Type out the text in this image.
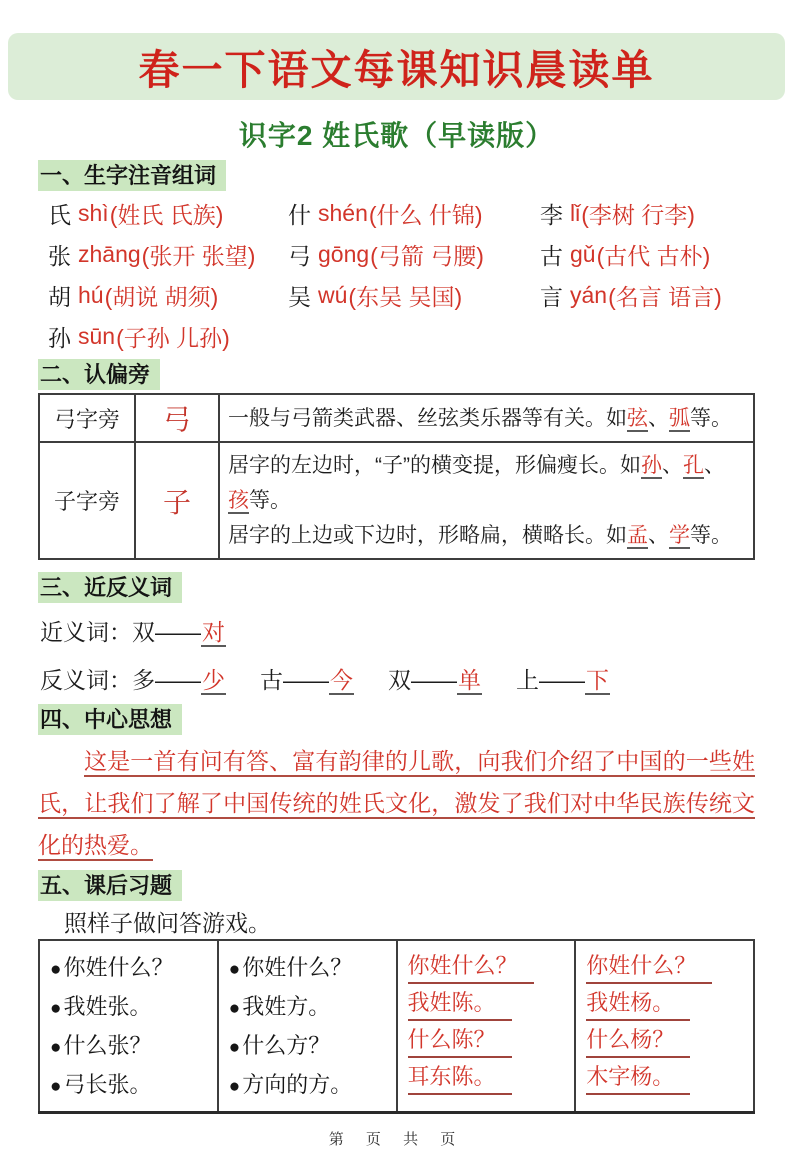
春一下语文每课知识晨读单
识字2 姓氏歌（早读版）
一、生字注音组词
氏 shì (姓氏 氏族)	什 shén (什么 什锦) 李 lǐ (李树 行李)
张 zhāng (张开 张望) 弓 gōng (弓箭 弓腰) 古 gǔ (古代 古朴)
胡 hú (胡说 胡须)	吴 wú (东吴 吴国)	言 yán (名言 语言)
孙 sūn (子孙 儿孙)
二、认偏旁
弓字旁	弓	一般与弓箭类武器、丝弦类乐器等有关。如弦、弧等。
子字旁	子	居字的左边时，“子”的横变提，形偏瘦长。如孙、孔、孩等。
居字的上边或下边时，形略扁，横略长。如孟、学等。
三、近反义词
近义词： 双——对
反义词： 多——少 古——今 双——单 上——下
四、中心思想
这是一首有问有答、富有韵律的儿歌，向我们介绍了中国的一些姓氏，让我们了解了中国传统的姓氏文化，激发了我们对中华民族传统文化的热爱。
五、课后习题
照样子做问答游戏。
●你姓什么？
●我姓张。
●什么张？
●弓长张。

●你姓什么？
●我姓方。
●什么方？
●方向的方。

你姓什么？
我姓陈。
什么陈？
耳东陈。

你姓什么？
我姓杨。
什么杨？
木字杨。
第 页 共 页
